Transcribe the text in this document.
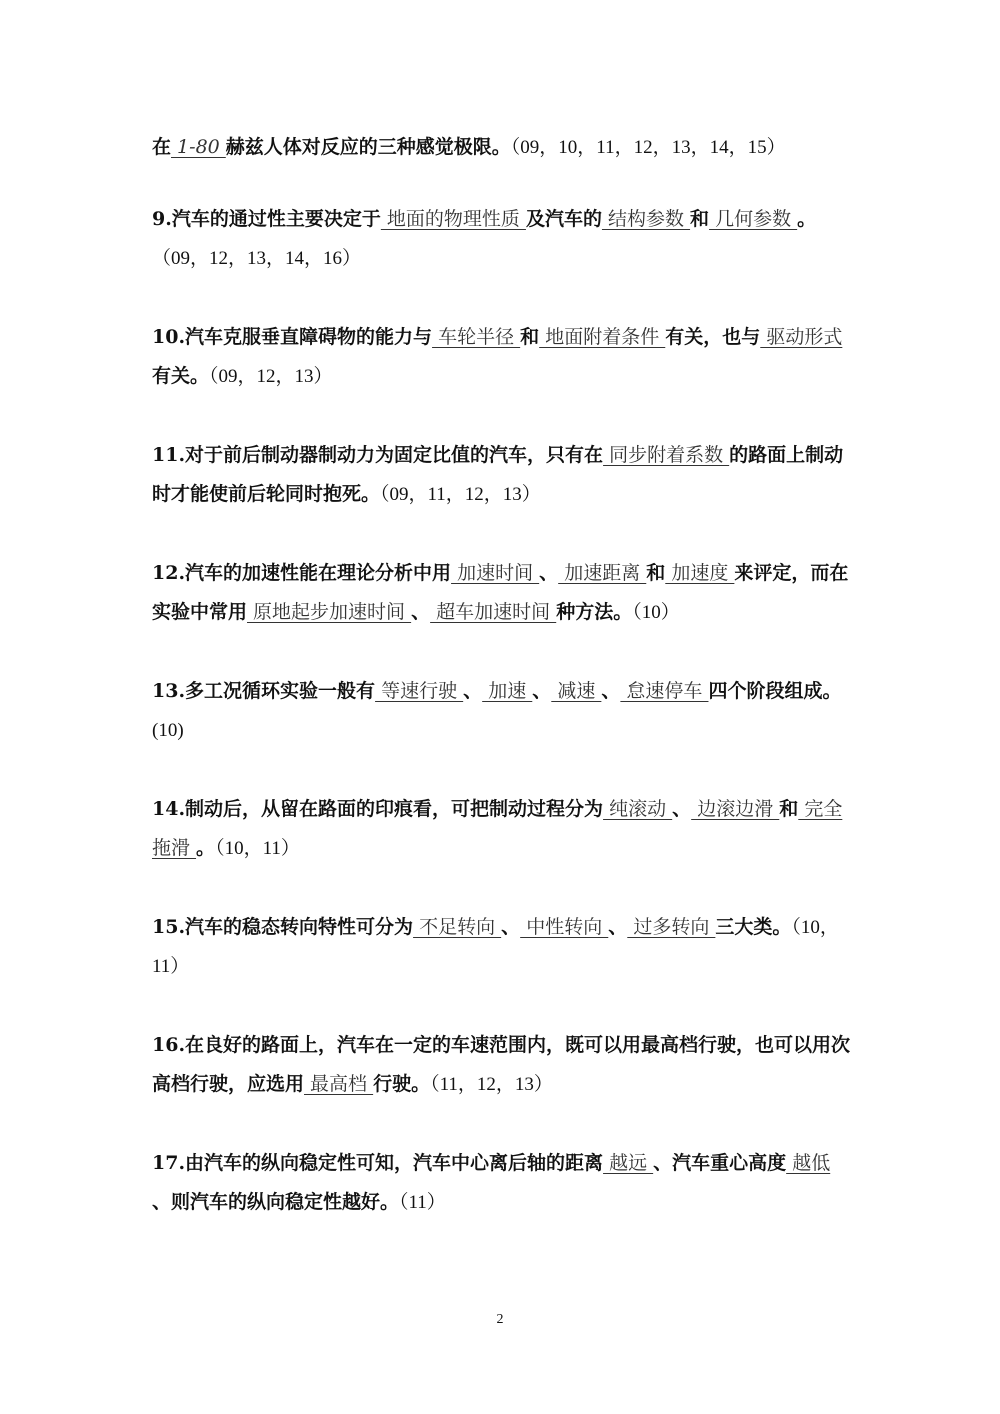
在 1-80 赫兹人体对反应的三种感觉极限。（09，10，11，12，13，14，15）

9.汽车的通过性主要决定于 地面的物理性质 及汽车的 结构参数 和 几何参数 。（09，12，13，14，16）

10.汽车克服垂直障碍物的能力与 车轮半径 和 地面附着条件 有关，也与 驱动形式 有关。（09，12，13）

11.对于前后制动器制动力为固定比值的汽车，只有在 同步附着系数 的路面上制动时才能使前后轮同时抱死。（09，11，12，13）

12.汽车的加速性能在理论分析中用 加速时间 、 加速距离 和 加速度 来评定，而在实验中常用 原地起步加速时间 、 超车加速时间 种方法。（10）

13.多工况循环实验一般有 等速行驶 、 加速 、 减速 、 怠速停车 四个阶段组成。(10)

14.制动后，从留在路面的印痕看，可把制动过程分为 纯滚动 、 边滚边滑 和 完全拖滑 。（10，11）

15.汽车的稳态转向特性可分为 不足转向 、 中性转向 、 过多转向 三大类。（10，11）

16.在良好的路面上，汽车在一定的车速范围内，既可以用最高档行驶，也可以用次高档行驶，应选用 最高档 行驶。（11，12，13）

17.由汽车的纵向稳定性可知，汽车中心离后轴的距离 越远 、汽车重心高度 越低 、则汽车的纵向稳定性越好。（11）

2
